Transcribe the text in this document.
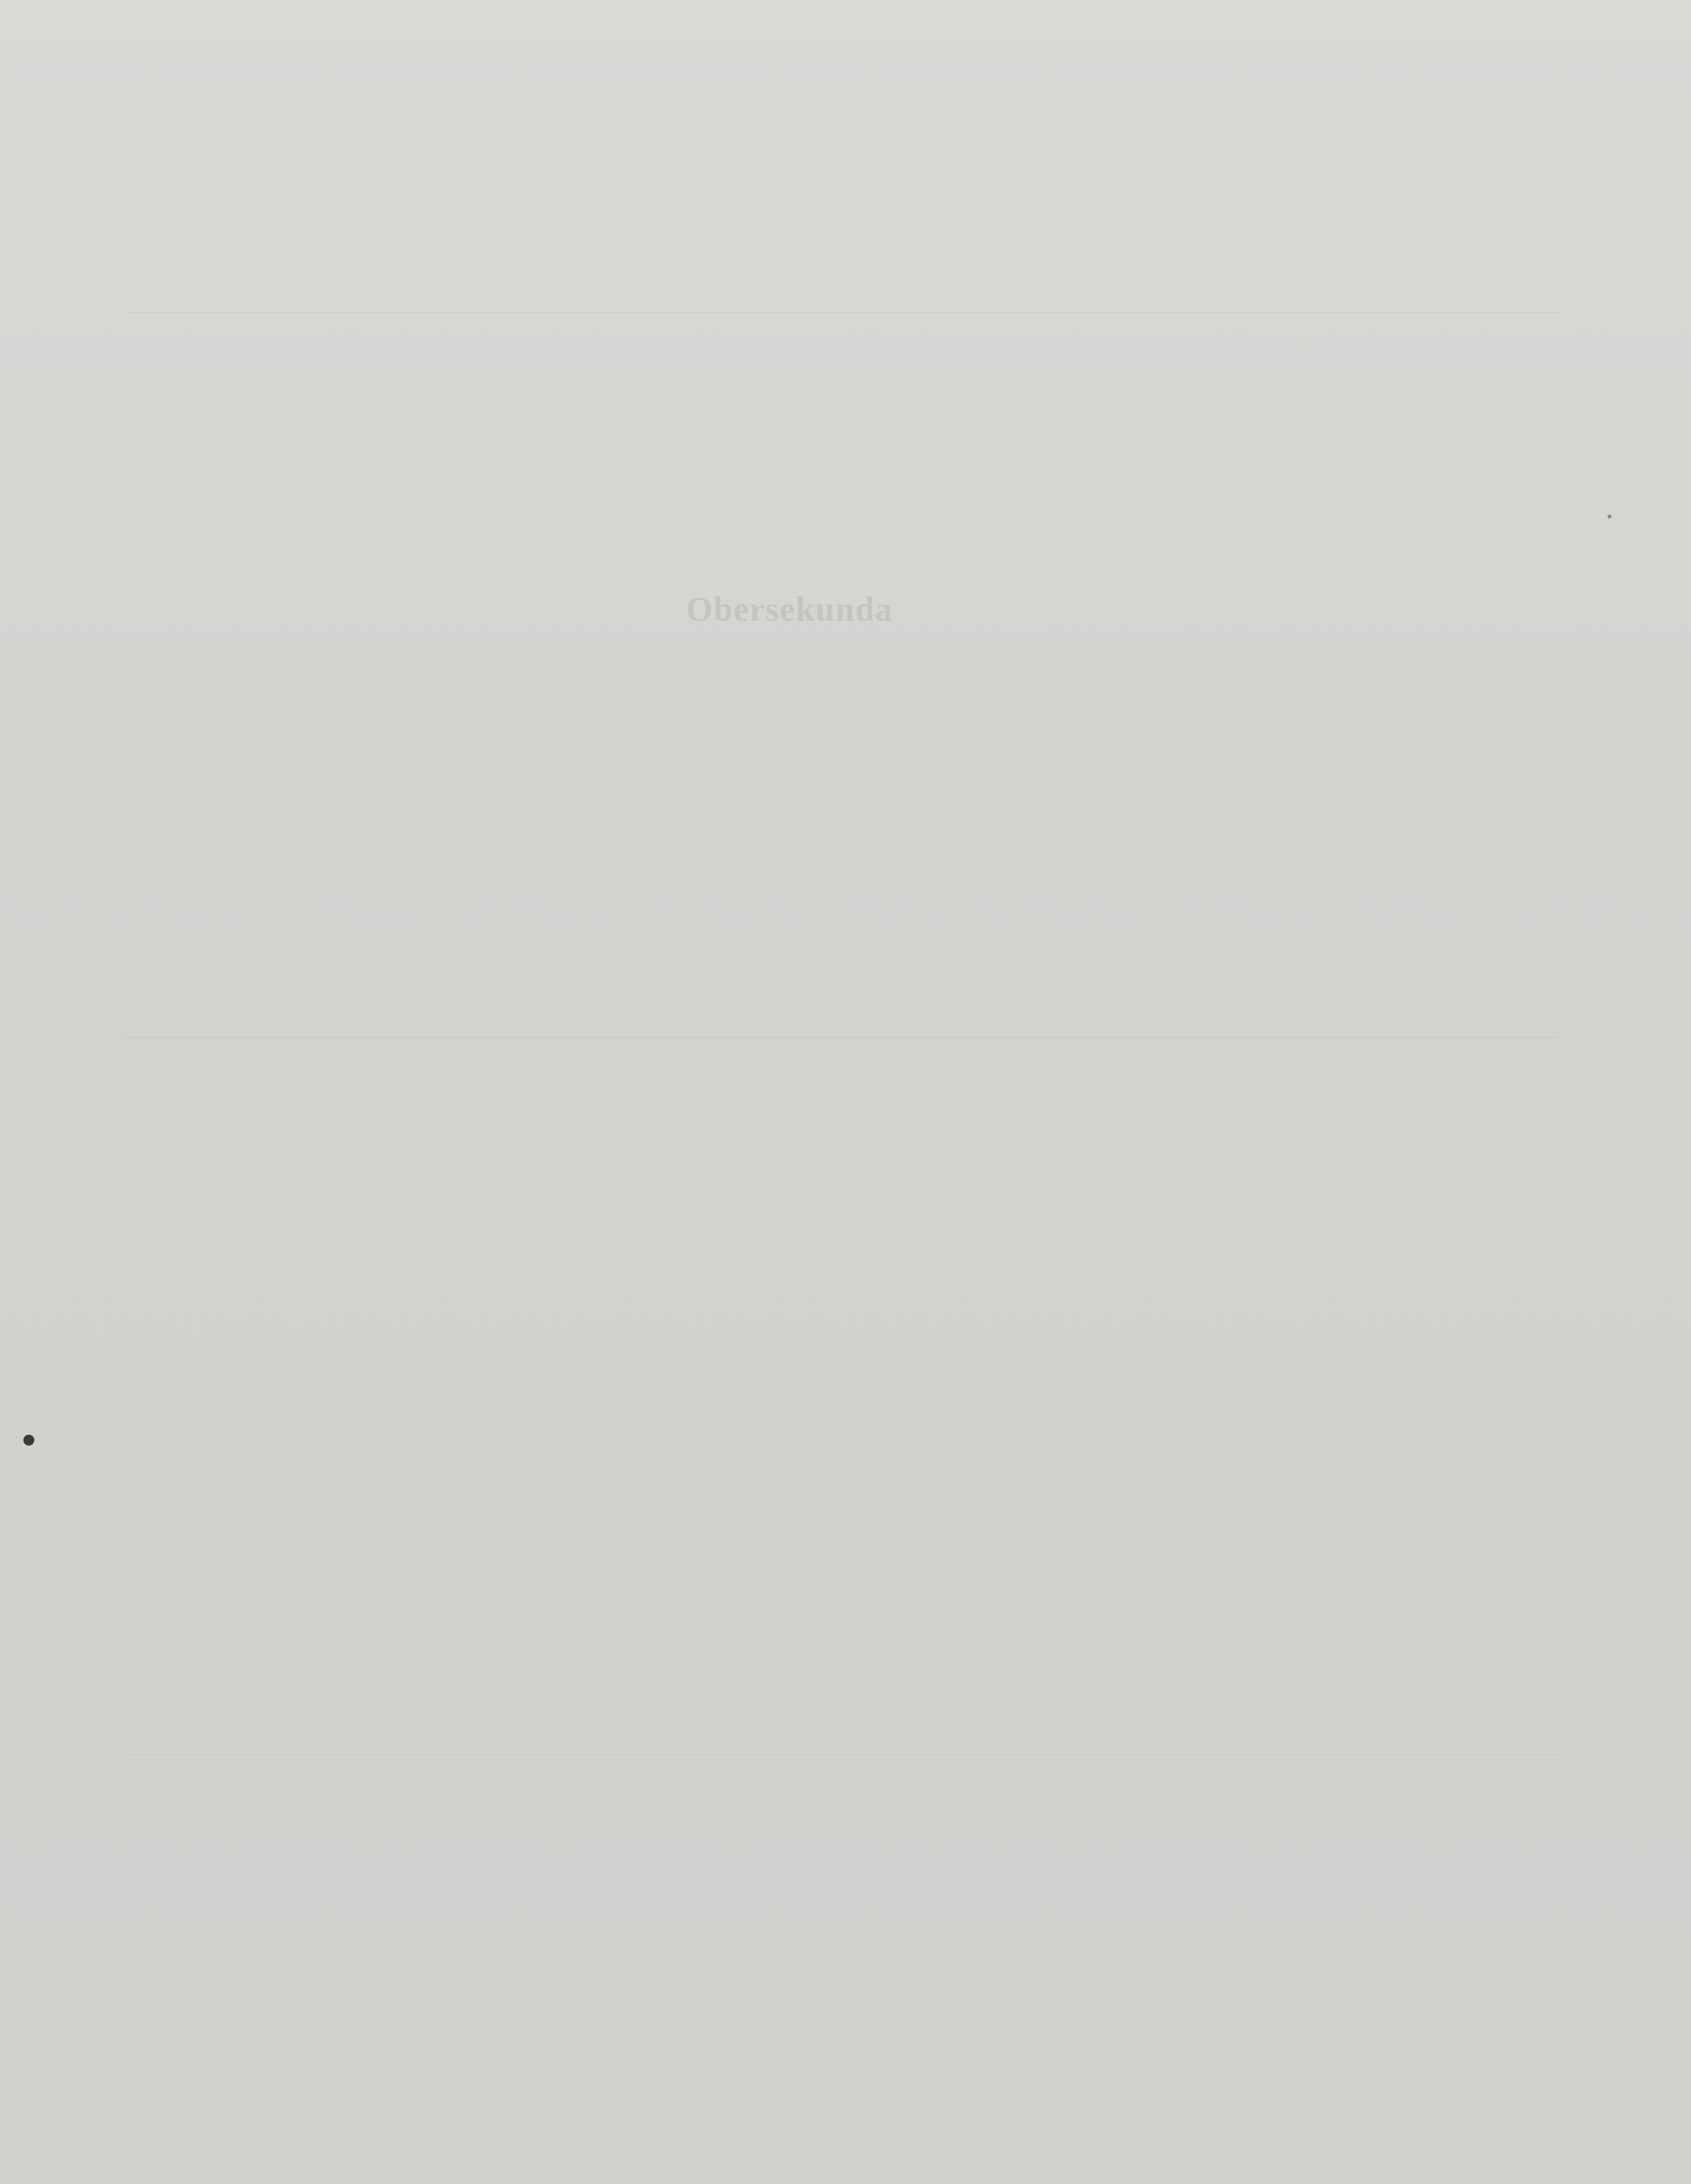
Obersekunda
